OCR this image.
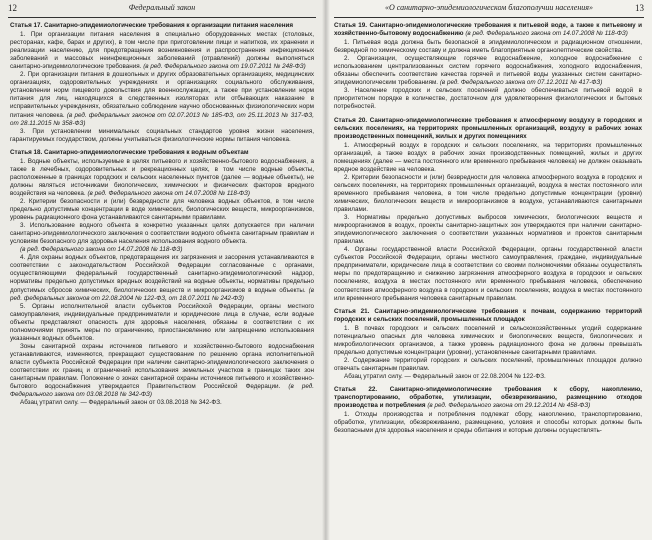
Федеральный закон
12
Статья 17. Санитарно-эпидемиологические требования к организации питания населения

1. При организации питания населения в специально оборудованных местах (столовых, ресторанах, кафе, барах и других), в том числе при приготовлении пищи и напитков, их хранении и реализации населению, для предотвращения возникновения и распространения инфекционных заболеваний и массовых неинфекционных заболеваний (отравлений) должны выполняться санитарно-эпидемиологические требования. (в ред. Федерального закона от 19.07.2011 № 248-ФЗ)

2. При организации питания в дошкольных и других образовательных организациях, медицинских организациях, оздоровительных учреждениях и организациях социального обслуживания, установлении норм пищевого довольствия для военнослужащих, а также при установлении норм питания для лиц, находящихся в следственных изоляторах или отбывающих наказание в исправительных учреждениях, обязательно соблюдение научно обоснованных физиологических норм питания человека. (в ред. федеральных законов от 02.07.2013 № 185-ФЗ, от 25.11.2013 № 317-ФЗ, от 28.11.2015 № 358-ФЗ)

3. При установлении минимальных социальных стандартов уровня жизни населения, гарантируемых государством, должны учитываться физиологические нормы питания человека.

Статья 18. Санитарно-эпидемиологические требования к водным объектам

1. Водные объекты, используемые в целях питьевого и хозяйственно-бытового водоснабжения, а также в лечебных, оздоровительных и рекреационных целях, в том числе водные объекты, расположенные в границах городских и сельских населенных пунктов (далее — водные объекты), не должны являться источниками биологических, химических и физических факторов вредного воздействия на человека. (в ред. Федерального закона от 14.07.2008 № 118-ФЗ)

2. Критерии безопасности и (или) безвредности для человека водных объектов, в том числе предельно допустимые концентрации в воде химических, биологических веществ, микроорганизмов, уровень радиационного фона устанавливаются санитарными правилами.

3. Использование водного объекта в конкретно указанных целях допускается при наличии санитарно-эпидемиологического заключения о соответствии водного объекта санитарным правилам и условиям безопасного для здоровья населения использования водного объекта.

(в ред. Федерального закона от 14.07.2008 № 118-ФЗ)

4. Для охраны водных объектов, предотвращения их загрязнения и засорения устанавливаются в соответствии с законодательством Российской Федерации согласованные с органами, осуществляющими федеральный государственный санитарно-эпидемиологический надзор, нормативы предельно допустимых вредных воздействий на водные объекты, нормативы предельно допустимых сбросов химических, биологических веществ и микроорганизмов в водные объекты. (в ред. федеральных законов от 22.08.2004 № 122-ФЗ, от 18.07.2011 № 242-ФЗ)

5. Органы исполнительной власти субъектов Российской Федерации, органы местного самоуправления, индивидуальные предприниматели и юридические лица в случае, если водные объекты представляют опасность для здоровья населения, обязаны в соответствии с их полномочиями принять меры по ограничению, приостановлению или запрещению использования указанных водных объектов.

Зоны санитарной охраны источников питьевого и хозяйственно-бытового водоснабжения устанавливаются, изменяются, прекращают существование по решению органа исполнительной власти субъекта Российской Федерации при наличии санитарно-эпидемиологического заключения о соответствии их границ и ограничений использования земельных участков в границах таких зон санитарным правилам. Положение о зонах санитарной охраны источников питьевого и хозяйственно-бытового водоснабжения утверждается Правительством Российской Федерации. (в ред. Федерального закона от 03.08.2018 № 342-ФЗ)

Абзац утратил силу. — Федеральный закон от 03.08.2018 № 342-ФЗ.

«О санитарно-эпидемиологическом благополучии населения»	13
Статья 19. Санитарно-эпидемиологические требования к питьевой воде, а также к питьевому и хозяйственно-бытовому водоснабжению (в ред. Федерального закона от 14.07.2008 № 118-ФЗ)

1. Питьевая вода должна быть безопасной в эпидемиологическом и радиационном отношении, безвредной по химическому составу и должна иметь благоприятные органолептические свойства.

2. Организации, осуществляющие горячее водоснабжение, холодное водоснабжение с использованием централизованных систем горячего водоснабжения, холодного водоснабжения, обязаны обеспечить соответствие качества горячей и питьевой воды указанных систем санитарно-эпидемиологическим требованиям. (в ред. Федерального закона от 07.12.2011 № 417-ФЗ)

3. Население городских и сельских поселений должно обеспечиваться питьевой водой в приоритетном порядке в количестве, достаточном для удовлетворения физиологических и бытовых потребностей.

Статья 20. Санитарно-эпидемиологические требования к атмосферному воздуху в городских и сельских поселениях, на территориях промышленных организаций, воздуху в рабочих зонах производственных помещений, жилых и других помещениях

1. Атмосферный воздух в городских и сельских поселениях, на территориях промышленных организаций, а также воздух в рабочих зонах производственных помещений, жилых и других помещениях (далее — места постоянного или временного пребывания человека) не должен оказывать вредное воздействие на человека.

2. Критерии безопасности и (или) безвредности для человека атмосферного воздуха в городских и сельских поселениях, на территориях промышленных организаций, воздуха в местах постоянного или временного пребывания человека, в том числе предельно допустимые концентрации (уровни) химических, биологических веществ и микроорганизмов в воздухе, устанавливаются санитарными правилами.

3. Нормативы предельно допустимых выбросов химических, биологических веществ и микроорганизмов в воздух, проекты санитарно-защитных зон утверждаются при наличии санитарно-эпидемиологического заключения о соответствии указанных нормативов и проектов санитарным правилам.

4. Органы государственной власти Российской Федерации, органы государственной власти субъектов Российской Федерации, органы местного самоуправления, граждане, индивидуальные предприниматели, юридические лица в соответствии со своими полномочиями обязаны осуществлять меры по предотвращению и снижению загрязнения атмосферного воздуха в городских и сельских поселениях, воздуха в местах постоянного или временного пребывания человека, обеспечению соответствия атмосферного воздуха в городских и сельских поселениях, воздуха в местах постоянного или временного пребывания человека санитарным правилам.

Статья 21. Санитарно-эпидемиологические требования к почвам, содержанию территорий городских и сельских поселений, промышленных площадок

1. В почвах городских и сельских поселений и сельскохозяйственных угодий содержание потенциально опасных для человека химических и биологических веществ, биологических и микробиологических организмов, а также уровень радиационного фона не должны превышать предельно допустимые концентрации (уровни), установленные санитарными правилами.

2. Содержание территорий городских и сельских поселений, промышленных площадок должно отвечать санитарным правилам.

Абзац утратил силу. — Федеральный закон от 22.08.2004 № 122-ФЗ.

Статья 22. Санитарно-эпидемиологические требования к сбору, накоплению, транспортированию, обработке, утилизации, обезвреживанию, размещению отходов производства и потребления (в ред. Федерального закона от 29.12.2014 № 458-ФЗ)

1. Отходы производства и потребления подлежат сбору, накоплению, транспортированию, обработке, утилизации, обезвреживанию, размещению, условия и способы которых должны быть безопасными для здоровья населения и среды обитания и которые должны осуществлять-
